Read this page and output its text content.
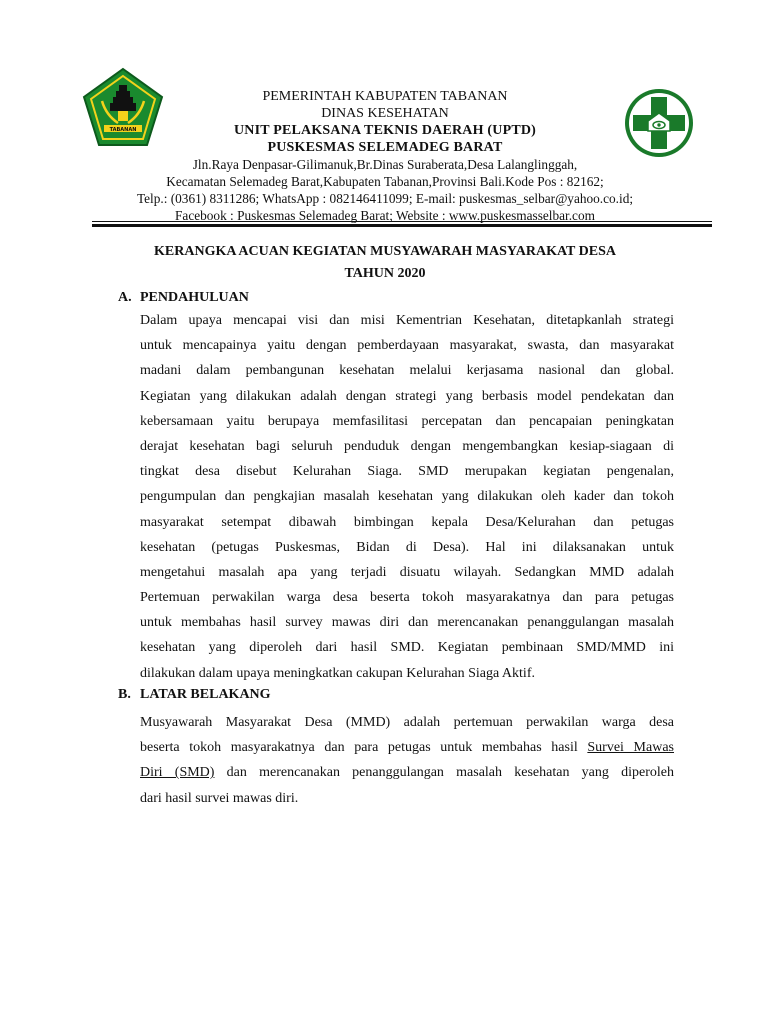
TABANAN
PEMERINTAH KABUPATEN TABANAN
DINAS KESEHATAN
UNIT PELAKSANA TEKNIS DAERAH (UPTD)
PUSKESMAS SELEMADEG BARAT
Jln.Raya Denpasar-Gilimanuk,Br.Dinas Suraberata,Desa Lalanglinggah,
Kecamatan Selemadeg Barat,Kabupaten Tabanan,Provinsi Bali.Kode Pos : 82162;
Telp.: (0361) 8311286; WhatsApp : 082146411099; E-mail: puskesmas_selbar@yahoo.co.id;
Facebook : Puskesmas Selemadeg Barat; Website : www.puskesmasselbar.com
KERANGKA ACUAN KEGIATAN MUSYAWARAH MASYARAKAT DESA
TAHUN 2020
A. PENDAHULUAN
Dalam upaya mencapai visi dan misi Kementrian Kesehatan, ditetapkanlah strategi
untuk mencapainya yaitu dengan pemberdayaan masyarakat, swasta, dan masyarakat
madani dalam pembangunan kesehatan melalui kerjasama nasional dan global.
Kegiatan yang dilakukan adalah dengan strategi yang berbasis model pendekatan dan
kebersamaan yaitu berupaya memfasilitasi percepatan dan pencapaian peningkatan
derajat kesehatan bagi seluruh penduduk dengan mengembangkan kesiap-siagaan di
tingkat desa disebut Kelurahan Siaga. SMD merupakan kegiatan pengenalan,
pengumpulan dan pengkajian masalah kesehatan yang dilakukan oleh kader dan tokoh
masyarakat setempat dibawah bimbingan kepala Desa/Kelurahan dan petugas
kesehatan (petugas Puskesmas, Bidan di Desa). Hal ini dilaksanakan untuk
mengetahui masalah apa yang terjadi disuatu wilayah. Sedangkan MMD adalah
Pertemuan perwakilan warga desa beserta tokoh masyarakatnya dan para petugas
untuk membahas hasil survey mawas diri dan merencanakan penanggulangan masalah
kesehatan yang diperoleh dari hasil SMD. Kegiatan pembinaan SMD/MMD ini
dilakukan dalam upaya meningkatkan cakupan Kelurahan Siaga Aktif.
B. LATAR BELAKANG
Musyawarah Masyarakat Desa (MMD) adalah pertemuan perwakilan warga desa
beserta tokoh masyarakatnya dan para petugas untuk membahas hasil Survei Mawas
Diri (SMD) dan merencanakan penanggulangan masalah kesehatan yang diperoleh
dari hasil survei mawas diri.
